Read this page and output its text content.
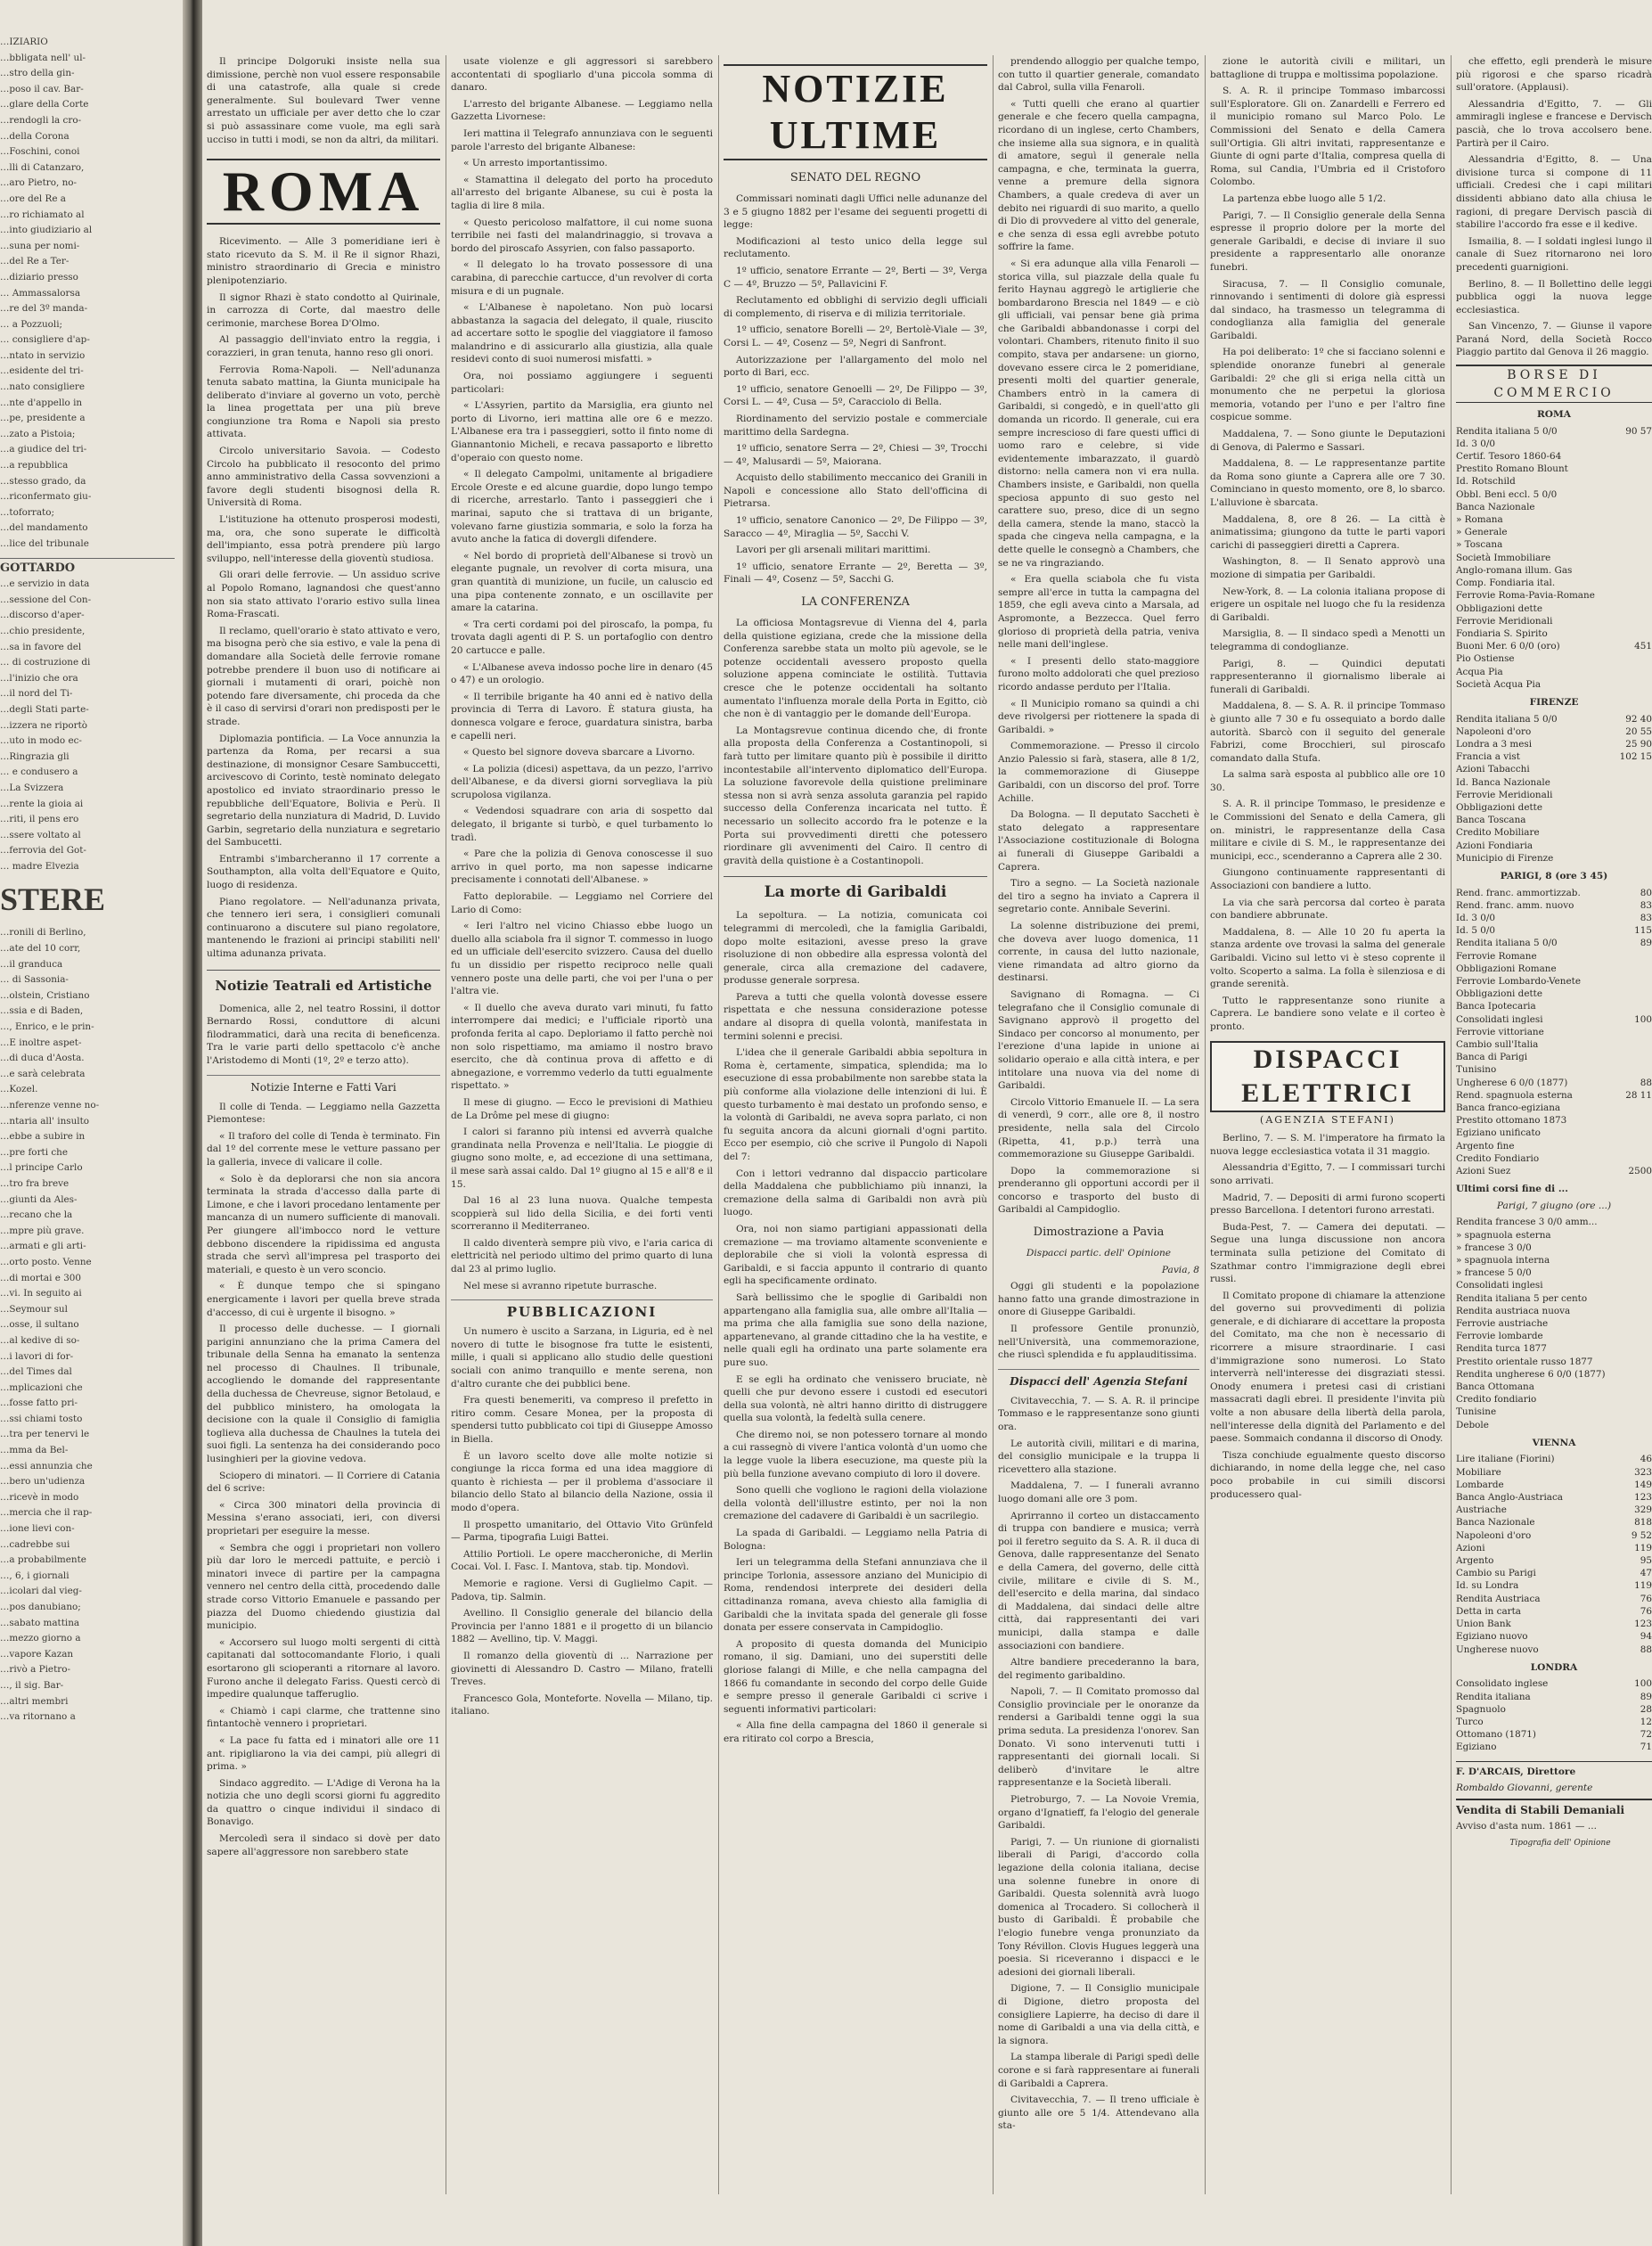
…IZIARIO

…bbligata nell' ul-

…stro della gin-

…poso il cav. Bar-

…glare della Corte

…rendogli la cro-

…della Corona

…Foschini, conoi

…lli di Catanzaro,

…aro Pietro, no-

…ore del Re a

…ro richiamato al

…into giudiziario al

…suna per nomi-

…del Re a Ter-

…diziario presso

… Ammassalorsa

…re del 3º manda-

… a Pozzuoli;

… consigliere d'ap-

…ntato in servizio

…esidente del tri-

…nato consigliere

…nte d'appello in

…pe, presidente a

…zato a Pistoia;

…a giudice del tri-

…a repubblica

…stesso grado, da

…riconfermato giu-

…toforrato;

…del mandamento

…lice del tribunale

GOTTARDO

…e servizio in data

…sessione del Con-

…discorso d'aper-

…chio presidente,

…sa in favore del

… di costruzione di

…l'inizio che ora

…il nord del Ti-

…degli Stati parte-

…izzera ne riportò

…uto in modo ec-

…Ringrazia gli

… e condusero a

…La Svizzera

…rente la gioia ai

…riti, il pens ero

…ssere voltato al

…ferrovia del Got-

… madre Elvezia

STERE

…ronili di Berlino,

…ate del 10 corr,

…il granduca

… di Sassonia-

…olstein, Cristiano

…ssia e di Baden,

…, Enrico, e le prin-

…E inoltre aspet-

…di duca d'Aosta.

…e sarà celebrata

…Kozel.

…nferenze venne no-

…ntaria all' insulto

…ebbe a subire in

…pre forti che

…l principe Carlo

…tro fra breve

…giunti da Ales-

…recano che la

…mpre più grave.

…armati e gli arti-

…orto posto. Venne

…di mortai e 300

…vi. In seguito ai

…Seymour sul

…osse, il sultano

…al kedive di so-

…i lavori di for-

…del Times dal

…mplicazioni che

…fosse fatto pri-

…ssi chiami tosto

…tra per tenervi le

…mma da Bel-

…essi annunzia che

…bero un'udienza

…ricevè in modo

…mercia che il rap-

…ione lievi con-

…cadrebbe sui

…a probabilmente

…, 6, i giornali

…icolari dal vieg-

…pos danubiano;

…sabato mattina

…mezzo giorno a

…vapore Kazan

…rivò a Pietro-

…, il sig. Bar-

…altri membri

…va ritornano a

Il principe Dolgoruki insiste nella sua dimissione, perchè non vuol essere responsabile di una catastrofe, alla quale si crede generalmente. Sul boulevard Twer venne arrestato un ufficiale per aver detto che lo czar si può assassinare come vuole, ma egli sarà ucciso in tutti i modi, se non da altri, da militari.

ROMA

Ricevimento. — Alle 3 pomeridiane ieri è stato ricevuto da S. M. il Re il signor Rhazi, ministro straordinario di Grecia e ministro plenipotenziario.

Il signor Rhazi è stato condotto al Quirinale, in carrozza di Corte, dal maestro delle cerimonie, marchese Borea D'Olmo.

Al passaggio dell'inviato entro la reggia, i corazzieri, in gran tenuta, hanno reso gli onori.

Ferrovia Roma-Napoli. — Nell'adunanza tenuta sabato mattina, la Giunta municipale ha deliberato d'inviare al governo un voto, perchè la linea progettata per una più breve congiunzione tra Roma e Napoli sia presto attivata.

Circolo universitario Savoia. — Codesto Circolo ha pubblicato il resoconto del primo anno amministrativo della Cassa sovvenzioni a favore degli studenti bisognosi della R. Università di Roma.

L'istituzione ha ottenuto prosperosi modesti, ma, ora, che sono superate le difficoltà dell'impianto, essa potrà prendere più largo sviluppo, nell'interesse della gioventù studiosa.

Gli orari delle ferrovie. — Un assiduo scrive al Popolo Romano, lagnandosi che quest'anno non sia stato attivato l'orario estivo sulla linea Roma-Frascati.

Il reclamo, quell'orario è stato attivato e vero, ma bisogna però che sia estivo, e vale la pena di domandare alla Società delle ferrovie romane potrebbe prendere il buon uso di notificare ai giornali i mutamenti di orari, poichè non potendo fare diversamente, chi proceda da che è il caso di servirsi d'orari non predisposti per le strade.

Diplomazia pontificia. — La Voce annunzia la partenza da Roma, per recarsi a sua destinazione, di monsignor Cesare Sambuccetti, arcivescovo di Corinto, testè nominato delegato apostolico ed inviato straordinario presso le repubbliche dell'Equatore, Bolivia e Perù. Il segretario della nunziatura di Madrid, D. Luvido Garbin, segretario della nunziatura e segretario del Sambucetti.

Entrambi s'imbarcheranno il 17 corrente a Southampton, alla volta dell'Equatore e Quito, luogo di residenza.

Piano regolatore. — Nell'adunanza privata, che tennero ieri sera, i consiglieri comunali continuarono a discutere sul piano regolatore, mantenendo le frazioni ai principi stabiliti nell' ultima adunanza privata.

Notizie Teatrali ed Artistiche

Domenica, alle 2, nel teatro Rossini, il dottor Bernardo Rossi, conduttore di alcuni filodrammatici, darà una recita di beneficenza. Tra le varie parti dello spettacolo c'è anche l'Aristodemo di Monti (1º, 2º e terzo atto).

Notizie Interne e Fatti Vari

Il colle di Tenda. — Leggiamo nella Gazzetta Piemontese:

« Il traforo del colle di Tenda è terminato. Fin dal 1º del corrente mese le vetture passano per la galleria, invece di valicare il colle.

« Solo è da deplorarsi che non sia ancora terminata la strada d'accesso dalla parte di Limone, e che i lavori procedano lentamente per mancanza di un numero sufficiente di manovali. Per giungere all'imbocco nord le vetture debbono discendere la ripidissima ed angusta strada che servì all'impresa pel trasporto dei materiali, e questo è un vero sconcio.

« È dunque tempo che si spingano energicamente i lavori per quella breve strada d'accesso, di cui è urgente il bisogno. »

Il processo delle duchesse. — I giornali parigini annunziano che la prima Camera del tribunale della Senna ha emanato la sentenza nel processo di Chaulnes. Il tribunale, accogliendo le domande del rappresentante della duchessa de Chevreuse, signor Betolaud, e del pubblico ministero, ha omologata la decisione con la quale il Consiglio di famiglia toglieva alla duchessa de Chaulnes la tutela dei suoi figli. La sentenza ha dei considerando poco lusinghieri per la giovine vedova.

Sciopero di minatori. — Il Corriere di Catania del 6 scrive:

« Circa 300 minatori della provincia di Messina s'erano associati, ieri, con diversi proprietari per eseguire la messe.

« Sembra che oggi i proprietari non vollero più dar loro le mercedi pattuite, e perciò i minatori invece di partire per la campagna vennero nel centro della città, procedendo dalle strade corso Vittorio Emanuele e passando per piazza del Duomo chiedendo giustizia dal municipio.

« Accorsero sul luogo molti sergenti di città capitanati dal sottocomandante Florio, i quali esortarono gli scioperanti a ritornare al lavoro. Furono anche il delegato Fariss. Questi cercò di impedire qualunque tafferuglio.

« Chiamò i capi clarme, che trattenne sino fintantochè vennero i proprietari.

« La pace fu fatta ed i minatori alle ore 11 ant. ripigliarono la via dei campi, più allegri di prima. »

Sindaco aggredito. — L'Adige di Verona ha la notizia che uno degli scorsi giorni fu aggredito da quattro o cinque individui il sindaco di Bonavigo.

Mercoledì sera il sindaco si dovè per dato sapere all'aggressore non sarebbero state

usate violenze e gli aggressori si sarebbero accontentati di spogliarlo d'una piccola somma di danaro.

L'arresto del brigante Albanese. — Leggiamo nella Gazzetta Livornese:

Ieri mattina il Telegrafo annunziava con le seguenti parole l'arresto del brigante Albanese:

« Un arresto importantissimo.

« Stamattina il delegato del porto ha proceduto all'arresto del brigante Albanese, su cui è posta la taglia di lire 8 mila.

« Questo pericoloso malfattore, il cui nome suona terribile nei fasti del malandrinaggio, si trovava a bordo del piroscafo Assyrien, con falso passaporto.

« Il delegato lo ha trovato possessore di una carabina, di parecchie cartucce, d'un revolver di corta misura e di un pugnale.

« L'Albanese è napoletano. Non può locarsi abbastanza la sagacia del delegato, il quale, riuscito ad accertare sotto le spoglie del viaggiatore il famoso malandrino e di assicurarlo alla giustizia, alla quale residevi conto di suoi numerosi misfatti. »

Ora, noi possiamo aggiungere i seguenti particolari:

« L'Assyrien, partito da Marsiglia, era giunto nel porto di Livorno, ieri mattina alle ore 6 e mezzo. L'Albanese era tra i passeggieri, sotto il finto nome di Giannantonio Micheli, e recava passaporto e libretto d'operaio con questo nome.

« Il delegato Campolmi, unitamente al brigadiere Ercole Oreste e ed alcune guardie, dopo lungo tempo di ricerche, arrestarlo. Tanto i passeggieri che i marinai, saputo che si trattava di un brigante, volevano farne giustizia sommaria, e solo la forza ha avuto anche la fatica di dovergli difendere.

« Nel bordo di proprietà dell'Albanese si trovò un elegante pugnale, un revolver di corta misura, una gran quantità di munizione, un fucile, un caluscio ed una pipa contenente zonnato, e un oscillavite per amare la catarina.

« Tra certi cordami poi del piroscafo, la pompa, fu trovata dagli agenti di P. S. un portafoglio con dentro 20 cartucce e palle.

« L'Albanese aveva indosso poche lire in denaro (45 o 47) e un orologio.

« Il terribile brigante ha 40 anni ed è nativo della provincia di Terra di Lavoro. È statura giusta, ha donnesca volgare e feroce, guardatura sinistra, barba e capelli neri.

« Questo bel signore doveva sbarcare a Livorno.

« La polizia (dicesi) aspettava, da un pezzo, l'arrivo dell'Albanese, e da diversi giorni sorvegliava la più scrupolosa vigilanza.

« Vedendosi squadrare con aria di sospetto dal delegato, il brigante si turbò, e quel turbamento lo tradì.

« Pare che la polizia di Genova conoscesse il suo arrivo in quel porto, ma non sapesse indicarne precisamente i connotati dell'Albanese. »

Fatto deplorabile. — Leggiamo nel Corriere del Lario di Como:

« Ieri l'altro nel vicino Chiasso ebbe luogo un duello alla sciabola fra il signor T. commesso in luogo ed un ufficiale dell'esercito svizzero. Causa del duello fu un dissidio per rispetto reciproco nelle quali vennero poste una delle parti, che voi per l'una o per l'altra vie.

« Il duello che aveva durato vari minuti, fu fatto interrompere dai medici; e l'ufficiale riportò una profonda ferita al capo. Deploriamo il fatto perchè noi non solo rispettiamo, ma amiamo il nostro bravo esercito, che dà continua prova di affetto e di abnegazione, e vorremmo vederlo da tutti egualmente rispettato. »

Il mese di giugno. — Ecco le previsioni di Mathieu de La Drôme pel mese di giugno:

I calori si faranno più intensi ed avverrà qualche grandinata nella Provenza e nell'Italia. Le pioggie di giugno sono molte, e, ad eccezione di una settimana, il mese sarà assai caldo. Dal 1º giugno al 15 e all'8 e il 15.

Dal 16 al 23 luna nuova. Qualche tempesta scoppierà sul lido della Sicilia, e dei forti venti scorreranno il Mediterraneo.

Il caldo diventerà sempre più vivo, e l'aria carica di elettricità nel periodo ultimo del primo quarto di luna dal 23 al primo luglio.

Nel mese si avranno ripetute burrasche.

PUBBLICAZIONI

Un numero è uscito a Sarzana, in Liguria, ed è nel novero di tutte le bisognose fra tutte le esistenti, mille, i quali si applicano allo studio delle questioni sociali con animo tranquillo e mente serena, non d'altro curante che dei pubblici bene.

Fra questi benemeriti, va compreso il prefetto in ritiro comm. Cesare Monea, per la proposta di spendersi tutto pubblicato coi tipi di Giuseppe Amosso in Biella.

È un lavoro scelto dove alle molte notizie si congiunge la ricca forma ed una idea maggiore di quanto è richiesta — per il problema d'associare il bilancio dello Stato al bilancio della Nazione, ossia il modo d'opera.

Il prospetto umanitario, del Ottavio Vito Grünfeld — Parma, tipografia Luigi Battei.

Attilio Portioli. Le opere maccheroniche, di Merlin Cocai. Vol. I. Fasc. I. Mantova, stab. tip. Mondovì.

Memorie e ragione. Versi di Guglielmo Capit. — Padova, tip. Salmin.

Avellino. Il Consiglio generale del bilancio della Provincia per l'anno 1881 e il progetto di un bilancio 1882 — Avellino, tip. V. Maggi.

Il romanzo della gioventù di ... Narrazione per giovinetti di Alessandro D. Castro — Milano, fratelli Treves.

Francesco Gola, Monteforte. Novella — Milano, tip. italiano.

NOTIZIE ULTIME
SENATO DEL REGNO

Commissari nominati dagli Uffici nelle adunanze del 3 e 5 giugno 1882 per l'esame dei seguenti progetti di legge:

Modificazioni al testo unico della legge sul reclutamento.

1º ufficio, senatore Errante — 2º, Berti — 3º, Verga C — 4º, Bruzzo — 5º, Pallavicini F.

Reclutamento ed obblighi di servizio degli ufficiali di complemento, di riserva e di milizia territoriale.

1º ufficio, senatore Borelli — 2º, Bertolè-Viale — 3º, Corsi L. — 4º, Cosenz — 5º, Negri di Sanfront.

Autorizzazione per l'allargamento del molo nel porto di Bari, ecc.

1º ufficio, senatore Genoelli — 2º, De Filippo — 3º, Corsi L. — 4º, Cusa — 5º, Caracciolo di Bella.

Riordinamento del servizio postale e commerciale marittimo della Sardegna.

1º ufficio, senatore Serra — 2º, Chiesi — 3º, Trocchi — 4º, Malusardi — 5º, Maiorana.

Acquisto dello stabilimento meccanico dei Granili in Napoli e concessione allo Stato dell'officina di Pietrarsa.

1º ufficio, senatore Canonico — 2º, De Filippo — 3º, Saracco — 4º, Miraglia — 5º, Sacchi V.

Lavori per gli arsenali militari marittimi.

1º ufficio, senatore Errante — 2º, Beretta — 3º, Finali — 4º, Cosenz — 5º, Sacchi G.

LA CONFERENZA

La officiosa Montagsrevue di Vienna del 4, parla della quistione egiziana, crede che la missione della Conferenza sarebbe stata un molto più agevole, se le potenze occidentali avessero proposto quella soluzione appena cominciate le ostilità. Tuttavia cresce che le potenze occidentali ha soltanto aumentato l'influenza morale della Porta in Egitto, ciò che non è di vantaggio per le domande dell'Europa.

La Montagsrevue continua dicendo che, di fronte alla proposta della Conferenza a Costantinopoli, si farà tutto per limitare quanto più è possibile il diritto incontestabile all'intervento diplomatico dell'Europa. La soluzione favorevole della quistione preliminare stessa non si avrà senza assoluta garanzia pel rapido successo della Conferenza incaricata nel tutto. È necessario un sollecito accordo fra le potenze e la Porta sui provvedimenti diretti che potessero riordinare gli avvenimenti del Cairo. Il centro di gravità della quistione è a Costantinopoli.

La morte di Garibaldi

La sepoltura. — La notizia, comunicata coi telegrammi di mercoledì, che la famiglia Garibaldi, dopo molte esitazioni, avesse preso la grave risoluzione di non obbedire alla espressa volontà del generale, circa alla cremazione del cadavere, produsse generale sorpresa.

Pareva a tutti che quella volontà dovesse essere rispettata e che nessuna considerazione potesse andare al disopra di quella volontà, manifestata in termini solenni e precisi.

L'idea che il generale Garibaldi abbia sepoltura in Roma è, certamente, simpatica, splendida; ma lo esecuzione di essa probabilmente non sarebbe stata la più conforme alla violazione delle intenzioni di lui. È questo turbamento è mai destato un profondo senso, e la volontà di Garibaldi, ne aveva sopra parlato, ci non fu seguita ancora da alcuni giornali d'ogni partito. Ecco per esempio, ciò che scrive il Pungolo di Napoli del 7:

Con i lettori vedranno dal dispaccio particolare della Maddalena che pubblichiamo più innanzi, la cremazione della salma di Garibaldi non avrà più luogo.

Ora, noi non siamo partigiani appassionati della cremazione — ma troviamo altamente sconveniente e deplorabile che si violi la volontà espressa di Garibaldi, e si faccia appunto il contrario di quanto egli ha specificamente ordinato.

Sarà bellissimo che le spoglie di Garibaldi non appartengano alla famiglia sua, alle ombre all'Italia — ma prima che alla famiglia sue sono della nazione, appartenevano, al grande cittadino che la ha vestite, e nelle quali egli ha ordinato una parte solamente era pure suo.

E se egli ha ordinato che venissero bruciate, nè quelli che pur devono essere i custodi ed esecutori della sua volontà, nè altri hanno diritto di distruggere quella sua volontà, la fedeltà sulla cenere.

Che diremo noi, se non potessero tornare al mondo a cui rassegnò di vivere l'antica volontà d'un uomo che la legge vuole la libera esecuzione, ma queste più la più bella funzione avevano compiuto di loro il dovere.

Sono quelli che vogliono le ragioni della violazione della volontà dell'illustre estinto, per noi la non cremazione del cadavere di Garibaldi è un sacrilegio.

La spada di Garibaldi. — Leggiamo nella Patria di Bologna:

Ieri un telegramma della Stefani annunziava che il principe Torlonia, assessore anziano del Municipio di Roma, rendendosi interprete dei desideri della cittadinanza romana, aveva chiesto alla famiglia di Garibaldi che la invitata spada del generale gli fosse donata per essere conservata in Campidoglio.

A proposito di questa domanda del Municipio romano, il sig. Damiani, uno dei superstiti delle gloriose falangi di Mille, e che nella campagna del 1866 fu comandante in secondo del corpo delle Guide e sempre presso il generale Garibaldi ci scrive i seguenti informativi particolari:

« Alla fine della campagna del 1860 il generale si era ritirato col corpo a Brescia,

prendendo alloggio per qualche tempo, con tutto il quartier generale, comandato dal Cabrol, sulla villa Fenaroli.

« Tutti quelli che erano al quartier generale e che fecero quella campagna, ricordano di un inglese, certo Chambers, che insieme alla sua signora, e in qualità di amatore, seguì il generale nella campagna, e che, terminata la guerra, venne a premure della signora Chambers, a quale credeva di aver un debito nei riguardi di suo marito, a quello di Dio di provvedere al vitto del generale, e che senza di essa egli avrebbe potuto soffrire la fame.

« Si era adunque alla villa Fenaroli — storica villa, sul piazzale della quale fu ferito Haynau aggregò le artiglierie che bombardarono Brescia nel 1849 — e ciò gli ufficiali, vai pensar bene già prima che Garibaldi abbandonasse i corpi del volontari. Chambers, ritenuto finito il suo compito, stava per andarsene: un giorno, dovevano essere circa le 2 pomeridiane, presenti molti del quartier generale, Chambers entrò in la camera di Garibaldi, si congedò, e in quell'atto gli domanda un ricordo. Il generale, cui era sempre increscioso di fare questi uffici di uomo raro e celebre, si vide evidentemente imbarazzato, il guardò distorno: nella camera non vi era nulla. Chambers insiste, e Garibaldi, non quella speciosa appunto di suo gesto nel carattere suo, preso, dice di un segno della camera, stende la mano, staccò la spada che cingeva nella campagna, e la dette quelle le consegnò a Chambers, che se ne va ringraziando.

« Era quella sciabola che fu vista sempre all'erce in tutta la campagna del 1859, che egli aveva cinto a Marsala, ad Aspromonte, a Bezzecca. Quel ferro glorioso di proprietà della patria, veniva nelle mani dell'inglese.

« I presenti dello stato-maggiore furono molto addolorati che quel prezioso ricordo andasse perduto per l'Italia.

« Il Municipio romano sa quindi a chi deve rivolgersi per riottenere la spada di Garibaldi. »

Commemorazione. — Presso il circolo Anzio Palessio si farà, stasera, alle 8 1/2, la commemorazione di Giuseppe Garibaldi, con un discorso del prof. Torre Achille.

Da Bologna. — Il deputato Saccheti è stato delegato a rappresentare l'Associazione costituzionale di Bologna ai funerali di Giuseppe Garibaldi a Caprera.

Tiro a segno. — La Società nazionale del tiro a segno ha inviato a Caprera il segretario conte. Annibale Severini.

La solenne distribuzione dei premi, che doveva aver luogo domenica, 11 corrente, in causa del lutto nazionale, viene rimandata ad altro giorno da destinarsi.

Savignano di Romagna. — Ci telegrafano che il Consiglio comunale di Savignano approvò il progetto del Sindaco per concorso al monumento, per l'erezione d'una lapide in unione ai solidario operaio e alla città intera, e per intitolare una nuova via del nome di Garibaldi.

Circolo Vittorio Emanuele II. — La sera di venerdì, 9 corr., alle ore 8, il nostro presidente, nella sala del Circolo (Ripetta, 41, p.p.) terrà una commemorazione su Giuseppe Garibaldi.

Dopo la commemorazione si prenderanno gli opportuni accordi per il concorso e trasporto del busto di Garibaldi al Campidoglio.

Dimostrazione a Pavia

Dispacci partic. dell' Opinione

Pavia, 8

Oggi gli studenti e la popolazione hanno fatto una grande dimostrazione in onore di Giuseppe Garibaldi.

Il professore Gentile pronunziò, nell'Università, una commemorazione, che riuscì splendida e fu applauditissima.

Dispacci dell' Agenzia Stefani

Civitavecchia, 7. — S. A. R. il principe Tommaso e le rappresentanze sono giunti ora.

Le autorità civili, militari e di marina, del consiglio municipale e la truppa li ricevettero alla stazione.

Maddalena, 7. — I funerali avranno luogo domani alle ore 3 pom.

Aprirranno il corteo un distaccamento di truppa con bandiere e musica; verrà poi il feretro seguito da S. A. R. il duca di Genova, dalle rappresentanze del Senato e della Camera, del governo, delle città civile, militare e civile di S. M., dell'esercito e della marina, dal sindaco di Maddalena, dai sindaci delle altre città, dai rappresentanti dei vari municipi, dalla stampa e dalle associazioni con bandiere.

Altre bandiere precederanno la bara, del regimento garibaldino.

Napoli, 7. — Il Comitato promosso dal Consiglio provinciale per le onoranze da rendersi a Garibaldi tenne oggi la sua prima seduta. La presidenza l'onorev. San Donato. Vi sono intervenuti tutti i rappresentanti dei giornali locali. Si deliberò d'invitare le altre rappresentanze e la Società liberali.

Pietroburgo, 7. — La Novoie Vremia, organo d'Ignatieff, fa l'elogio del generale Garibaldi.

Parigi, 7. — Un riunione di giornalisti liberali di Parigi, d'accordo colla legazione della colonia italiana, decise una solenne funebre in onore di Garibaldi. Questa solennità avrà luogo domenica al Trocadero. Si collocherà il busto di Garibaldi. È probabile che l'elogio funebre venga pronunziato da Tony Révillon. Clovis Hugues leggerà una poesia. Si riceveranno i dispacci e le adesioni dei giornali liberali.

Digione, 7. — Il Consiglio municipale di Digione, dietro proposta del consigliere Lapierre, ha deciso di dare il nome di Garibaldi a una via della città, e la signora.

La stampa liberale di Parigi spedì delle corone e si farà rappresentare ai funerali di Garibaldi a Caprera.

Civitavecchia, 7. — Il treno ufficiale è giunto alle ore 5 1/4. Attendevano alla sta-

zione le autorità civili e militari, un battaglione di truppa e moltissima popolazione.

S. A. R. il principe Tommaso imbarcossi sull'Esploratore. Gli on. Zanardelli e Ferrero ed il municipio romano sul Marco Polo. Le Commissioni del Senato e della Camera sull'Ortigia. Gli altri invitati, rappresentanze e Giunte di ogni parte d'Italia, compresa quella di Roma, sul Candia, l'Umbria ed il Cristoforo Colombo.

La partenza ebbe luogo alle 5 1/2.

Parigi, 7. — Il Consiglio generale della Senna espresse il proprio dolore per la morte del generale Garibaldi, e decise di inviare il suo presidente a rappresentarlo alle onoranze funebri.

Siracusa, 7. — Il Consiglio comunale, rinnovando i sentimenti di dolore già espressi dal sindaco, ha trasmesso un telegramma di condoglianza alla famiglia del generale Garibaldi.

Ha poi deliberato: 1º che si facciano solenni e splendide onoranze funebri al generale Garibaldi: 2º che gli si eriga nella città un monumento che ne perpetui la gloriosa memoria, votando per l'uno e per l'altro fine cospicue somme.

Maddalena, 7. — Sono giunte le Deputazioni di Genova, di Palermo e Sassari.

Maddalena, 8. — Le rappresentanze partite da Roma sono giunte a Caprera alle ore 7 30. Cominciano in questo momento, ore 8, lo sbarco. L'alluvione è sbarcata.

Maddalena, 8, ore 8 26. — La città è animatissima; giungono da tutte le parti vapori carichi di passeggieri diretti a Caprera.

Washington, 8. — Il Senato approvò una mozione di simpatia per Garibaldi.

New-York, 8. — La colonia italiana propose di erigere un ospitale nel luogo che fu la residenza di Garibaldi.

Marsiglia, 8. — Il sindaco spedì a Menotti un telegramma di condoglianze.

Parigi, 8. — Quindici deputati rappresenteranno il giornalismo liberale ai funerali di Garibaldi.

Maddalena, 8. — S. A. R. il principe Tommaso è giunto alle 7 30 e fu ossequiato a bordo dalle autorità. Sbarcò con il seguito del generale Fabrizi, come Brocchieri, sul piroscafo comandato dalla Stufa.

La salma sarà esposta al pubblico alle ore 10 30.

S. A. R. il principe Tommaso, le presidenze e le Commissioni del Senato e della Camera, gli on. ministri, le rappresentanze della Casa militare e civile di S. M., le rappresentanze dei municipi, ecc., scenderanno a Caprera alle 2 30.

Giungono continuamente rappresentanti di Associazioni con bandiere a lutto.

La via che sarà percorsa dal corteo è parata con bandiere abbrunate.

Maddalena, 8. — Alle 10 20 fu aperta la stanza ardente ove trovasi la salma del generale Garibaldi. Vicino sul letto vi è steso coprente il volto. Scoperto a salma. La folla è silenziosa e di grande serenità.

Tutto le rappresentanze sono riunite a Caprera. Le bandiere sono velate e il corteo è pronto.

DISPACCI ELETTRICI
(AGENZIA STEFANI)

Berlino, 7. — S. M. l'imperatore ha firmato la nuova legge ecclesiastica votata il 31 maggio.

Alessandria d'Egitto, 7. — I commissari turchi sono arrivati.

Madrid, 7. — Depositi di armi furono scoperti presso Barcellona. I detentori furono arrestati.

Buda-Pest, 7. — Camera dei deputati. — Segue una lunga discussione non ancora terminata sulla petizione del Comitato di Szathmar contro l'immigrazione degli ebrei russi.

Il Comitato propone di chiamare la attenzione del governo sui provvedimenti di polizia generale, e di dichiarare di accettare la proposta del Comitato, ma che non è necessario di ricorrere a misure straordinarie. I casi d'immigrazione sono numerosi. Lo Stato interverrà nell'interesse dei disgraziati stessi. Onody enumera i pretesi casi di cristiani massacrati dagli ebrei. Il presidente l'invita più volte a non abusare della libertà della parola, nell'interesse della dignità del Parlamento e del paese. Sommaich condanna il discorso di Onody.

Tisza conchiude egualmente questo discorso dichiarando, in nome della legge che, nel caso poco probabile in cui simili discorsi producessero qual-

che effetto, egli prenderà le misure più rigorosi e che sparso ricadrà sull'oratore. (Applausi).

Alessandria d'Egitto, 7. — Gli ammiragli inglese e francese e Dervisch pascià, che lo trova accolsero bene. Partirà per il Cairo.

Alessandria d'Egitto, 8. — Una divisione turca si compone di 11 ufficiali. Credesi che i capi militari dissidenti abbiano dato alla chiusa le ragioni, di pregare Dervisch pascià di stabilire l'accordo fra esse e il kedive.

Ismailia, 8. — I soldati inglesi lungo il canale di Suez ritornarono nei loro precedenti guarnigioni.

Berlino, 8. — Il Bollettino delle leggi pubblica oggi la nuova legge ecclesiastica.

San Vincenzo, 7. — Giunse il vapore Paraná Nord, della Società Rocco Piaggio partito dal Genova il 26 maggio.

BORSE DI COMMERCIO

ROMA

Rendita italiana 5 0/0	90 57
Id. 3 0/0
Certif. Tesoro 1860-64
Prestito Romano Blount
Id. Rotschild
Obbl. Beni eccl. 5 0/0
Banca Nazionale
» Romana
» Generale
» Toscana
Società Immobiliare
Anglo-romana illum. Gas
Comp. Fondiaria ital.
Ferrovie Roma-Pavia-Romane
Obbligazioni dette
Ferrovie Meridionali
Fondiaria S. Spirito
Buoni Mer. 6 0/0 (oro)	451
Pio Ostiense
Acqua Pia
Società Acqua Pia

FIRENZE

Rendita italiana 5 0/0	92 40
Napoleoni d'oro	20 55
Londra a 3 mesi	25 90
Francia a vist	102 15
Azioni Tabacchi
Id. Banca Nazionale
Ferrovie Meridionali
Obbligazioni dette
Banca Toscana
Credito Mobiliare
Azioni Fondiaria
Municipio di Firenze

PARIGI, 8 (ore 3 45)

Rend. franc. ammortizzab.	80
Rend. franc. amm. nuovo	83
Id. 3 0/0	83
Id. 5 0/0	115
Rendita italiana 5 0/0	89
Ferrovie Romane
Obbligazioni Romane
Ferrovie Lombardo-Venete
Obbligazioni dette
Banca Ipotecaria
Consolidati inglesi	100
Ferrovie vittoriane
Cambio sull'Italia
Banca di Parigi
Tunisino
Ungherese 6 0/0 (1877)	88
Rend. spagnuola esterna	28 11
Banca franco-egiziana
Prestito ottomano 1873
Egiziano unificato
Argento fine
Credito Fondiario
Azioni Suez	2500

Ultimi corsi fine di ...

Parigi, 7 giugno (ore ...)

Rendita francese 3 0/0 amm...
» spagnuola esterna
» francese 3 0/0
» spagnuola interna
» francese 5 0/0
Consolidati inglesi
Rendita italiana 5 per cento
Rendita austriaca nuova
Ferrovie austriache
Ferrovie lombarde
Rendita turca 1877
Prestito orientale russo 1877
Rendita ungherese 6 0/0 (1877)
Banca Ottomana
Credito fondiario
Tunisine
Debole

VIENNA

Lire italiane (Fiorini)	46
Mobiliare	323
Lombarde	149
Banca Anglo-Austriaca	123
Austriache	329
Banca Nazionale	818
Napoleoni d'oro	9 52
Azioni	119
Argento	95
Cambio su Parigi	47
Id. su Londra	119
Rendita Austriaca	76
Detta in carta	76
Union Bank	123
Egiziano nuovo	94
Ungherese nuovo	88

LONDRA

Consolidato inglese	100
Rendita italiana	89
Spagnuolo	28
Turco	12
Ottomano (1871)	72
Egiziano	71

F. D'ARCAIS, Direttore

Rombaldo Giovanni, gerente

Vendita di Stabili Demaniali

Avviso d'asta num. 1861 — ...

Tipografia dell' Opinione
